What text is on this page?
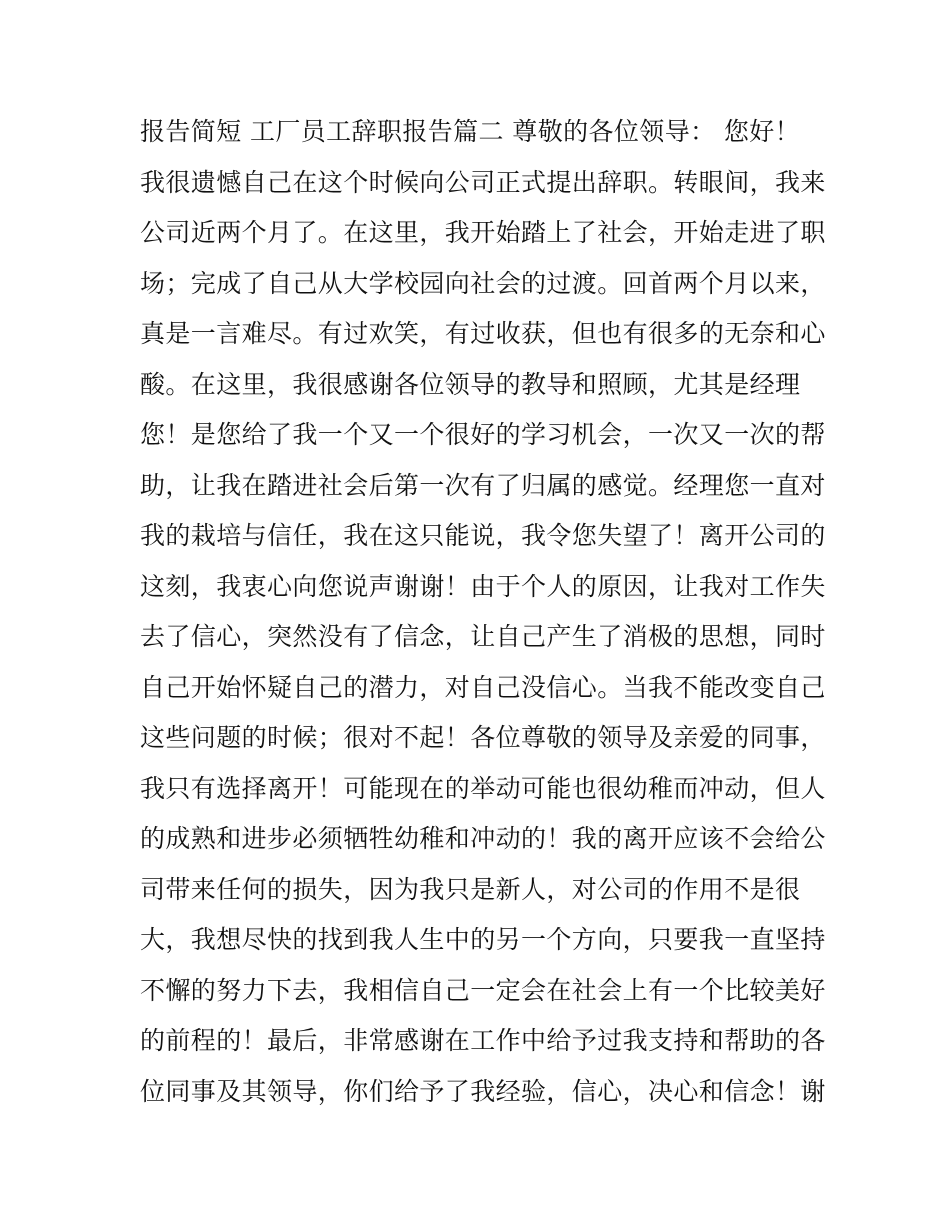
报告简短 工厂员工辞职报告篇二 尊敬的各位领导： 您好！
我很遗憾自己在这个时候向公司正式提出辞职。转眼间，我来
公司近两个月了。在这里，我开始踏上了社会，开始走进了职
场；完成了自己从大学校园向社会的过渡。回首两个月以来，
真是一言难尽。有过欢笑，有过收获，但也有很多的无奈和心
酸。在这里，我很感谢各位领导的教导和照顾，尤其是经理
您！是您给了我一个又一个很好的学习机会，一次又一次的帮
助，让我在踏进社会后第一次有了归属的感觉。经理您一直对
我的栽培与信任，我在这只能说，我令您失望了！离开公司的
这刻，我衷心向您说声谢谢！由于个人的原因，让我对工作失
去了信心，突然没有了信念，让自己产生了消极的思想，同时
自己开始怀疑自己的潜力，对自己没信心。当我不能改变自己
这些问题的时候；很对不起！各位尊敬的领导及亲爱的同事，
我只有选择离开！可能现在的举动可能也很幼稚而冲动，但人
的成熟和进步必须牺牲幼稚和冲动的！我的离开应该不会给公
司带来任何的损失，因为我只是新人，对公司的作用不是很
大，我想尽快的找到我人生中的另一个方向，只要我一直坚持
不懈的努力下去，我相信自己一定会在社会上有一个比较美好
的前程的！最后，非常感谢在工作中给予过我支持和帮助的各
位同事及其领导，你们给予了我经验，信心，决心和信念！谢
